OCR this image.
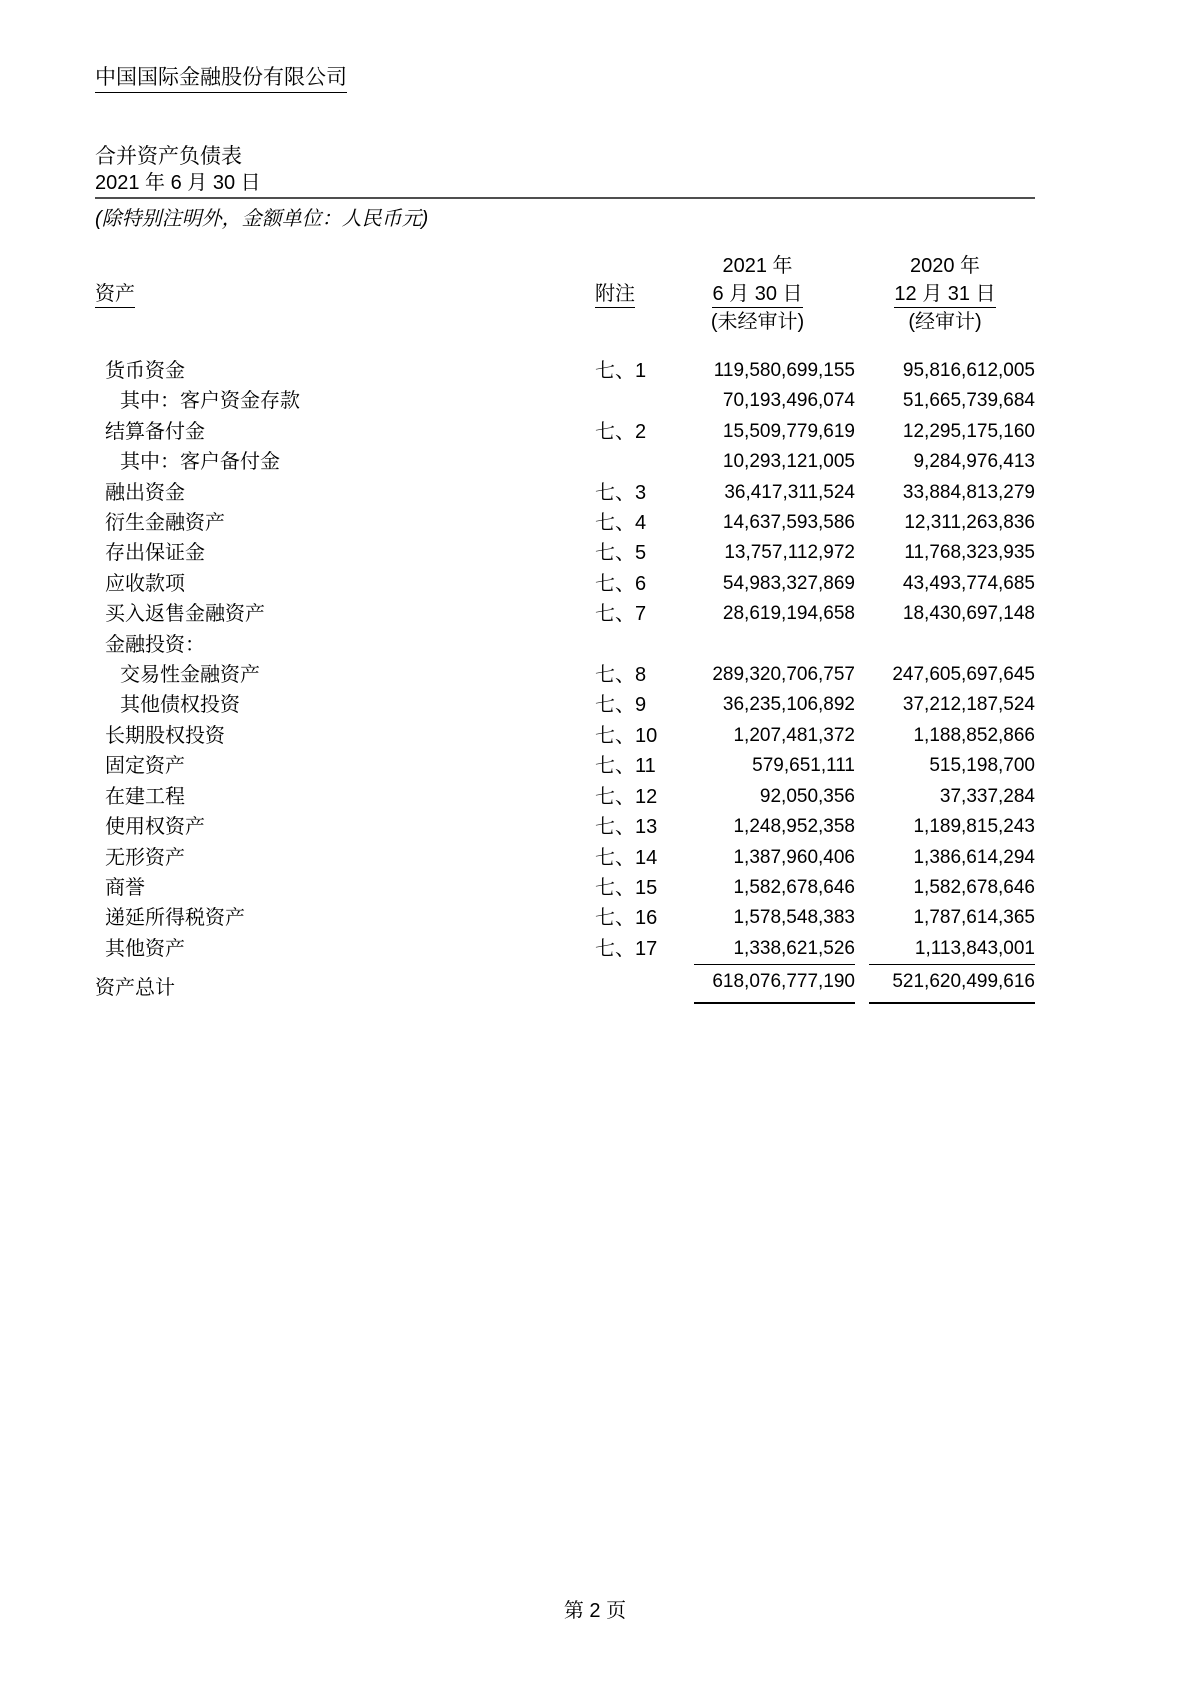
中国国际金融股份有限公司
合并资产负债表
2021 年 6 月 30 日
(除特别注明外，金额单位：人民币元)
		2021 年	2020 年
资产	附注	6 月 30 日	12 月 31 日
		(未经审计)	(经审计)
货币资金	七、1	119,580,699,155	95,816,612,005
其中：客户资金存款		70,193,496,074	51,665,739,684
结算备付金	七、2	15,509,779,619	12,295,175,160
其中：客户备付金		10,293,121,005	9,284,976,413
融出资金	七、3	36,417,311,524	33,884,813,279
衍生金融资产	七、4	14,637,593,586	12,311,263,836
存出保证金	七、5	13,757,112,972	11,768,323,935
应收款项	七、6	54,983,327,869	43,493,774,685
买入返售金融资产	七、7	28,619,194,658	18,430,697,148
金融投资：			
交易性金融资产	七、8	289,320,706,757	247,605,697,645
其他债权投资	七、9	36,235,106,892	37,212,187,524
长期股权投资	七、10	1,207,481,372	1,188,852,866
固定资产	七、11	579,651,111	515,198,700
在建工程	七、12	92,050,356	37,337,284
使用权资产	七、13	1,248,952,358	1,189,815,243
无形资产	七、14	1,387,960,406	1,386,614,294
商誉	七、15	1,582,678,646	1,582,678,646
递延所得税资产	七、16	1,578,548,383	1,787,614,365
其他资产	七、17	1,338,621,526	1,113,843,001
资产总计		618,076,777,190	521,620,499,616
第 2 页
